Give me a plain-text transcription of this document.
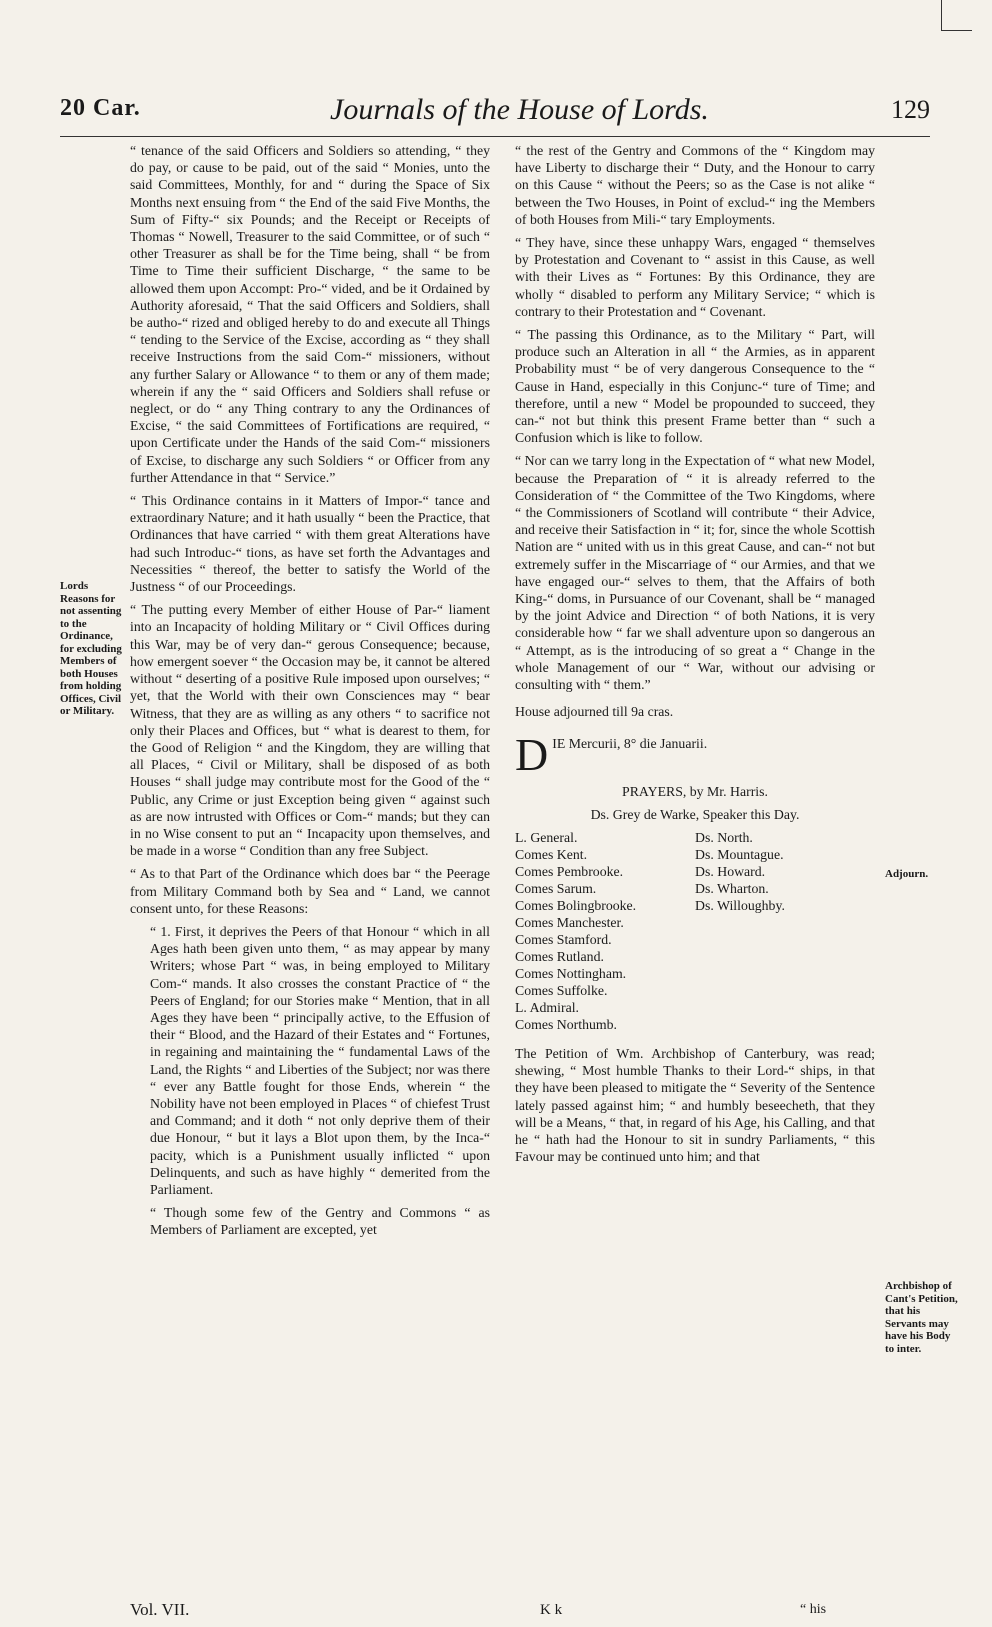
20 Car.	Journals of the House of Lords.	129
Lords Reasons for not assenting to the Ordinance, for excluding Members of both Houses from holding Offices, Civil or Military.

“ tenance of the said Officers and Soldiers so attending, “ they do pay, or cause to be paid, out of the said “ Monies, unto the said Committees, Monthly, for and “ during the Space of Six Months next ensuing from “ the End of the said Five Months, the Sum of Fifty-“ six Pounds; and the Receipt or Receipts of Thomas “ Nowell, Treasurer to the said Committee, or of such “ other Treasurer as shall be for the Time being, shall “ be from Time to Time their sufficient Discharge, “ the same to be allowed them upon Accompt: Pro-“ vided, and be it Ordained by Authority aforesaid, “ That the said Officers and Soldiers, shall be autho-“ rized and obliged hereby to do and execute all Things “ tending to the Service of the Excise, according as “ they shall receive Instructions from the said Com-“ missioners, without any further Salary or Allowance “ to them or any of them made; wherein if any the “ said Officers and Soldiers shall refuse or neglect, or do “ any Thing contrary to any the Ordinances of Excise, “ the said Committees of Fortifications are required, “ upon Certificate under the Hands of the said Com-“ missioners of Excise, to discharge any such Soldiers “ or Officer from any further Attendance in that “ Service.”

“ This Ordinance contains in it Matters of Impor-“ tance and extraordinary Nature; and it hath usually “ been the Practice, that Ordinances that have carried “ with them great Alterations have had such Introduc-“ tions, as have set forth the Advantages and Necessities “ thereof, the better to satisfy the World of the Justness “ of our Proceedings.

“ The putting every Member of either House of Par-“ liament into an Incapacity of holding Military or “ Civil Offices during this War, may be of very dan-“ gerous Consequence; because, how emergent soever “ the Occasion may be, it cannot be altered without “ deserting of a positive Rule imposed upon ourselves; “ yet, that the World with their own Consciences may “ bear Witness, that they are as willing as any others “ to sacrifice not only their Places and Offices, but “ what is dearest to them, for the Good of Religion “ and the Kingdom, they are willing that all Places, “ Civil or Military, shall be disposed of as both Houses “ shall judge may contribute most for the Good of the “ Public, any Crime or just Exception being given “ against such as are now intrusted with Offices or Com-“ mands; but they can in no Wise consent to put an “ Incapacity upon themselves, and be made in a worse “ Condition than any free Subject.

“ As to that Part of the Ordinance which does bar “ the Peerage from Military Command both by Sea and “ Land, we cannot consent unto, for these Reasons:

“ 1. First, it deprives the Peers of that Honour “ which in all Ages hath been given unto them, “ as may appear by many Writers; whose Part “ was, in being employed to Military Com-“ mands. It also crosses the constant Practice of “ the Peers of England; for our Stories make “ Mention, that in all Ages they have been “ principally active, to the Effusion of their “ Blood, and the Hazard of their Estates and “ Fortunes, in regaining and maintaining the “ fundamental Laws of the Land, the Rights “ and Liberties of the Subject; nor was there “ ever any Battle fought for those Ends, wherein “ the Nobility have not been employed in Places “ of chiefest Trust and Command; and it doth “ not only deprive them of their due Honour, “ but it lays a Blot upon them, by the Inca-“ pacity, which is a Punishment usually inflicted “ upon Delinquents, and such as have highly “ demerited from the Parliament.

“ Though some few of the Gentry and Commons “ as Members of Parliament are excepted, yet

“ the rest of the Gentry and Commons of the “ Kingdom may have Liberty to discharge their “ Duty, and the Honour to carry on this Cause “ without the Peers; so as the Case is not alike “ between the Two Houses, in Point of exclud-“ ing the Members of both Houses from Mili-“ tary Employments.

“ They have, since these unhappy Wars, engaged “ themselves by Protestation and Covenant to “ assist in this Cause, as well with their Lives as “ Fortunes: By this Ordinance, they are wholly “ disabled to perform any Military Service; “ which is contrary to their Protestation and “ Covenant.

“ The passing this Ordinance, as to the Military “ Part, will produce such an Alteration in all “ the Armies, as in apparent Probability must “ be of very dangerous Consequence to the “ Cause in Hand, especially in this Conjunc-“ ture of Time; and therefore, until a new “ Model be propounded to succeed, they can-“ not but think this present Frame better than “ such a Confusion which is like to follow.

“ Nor can we tarry long in the Expectation of “ what new Model, because the Preparation of “ it is already referred to the Consideration of “ the Committee of the Two Kingdoms, where “ the Commissioners of Scotland will contribute “ their Advice, and receive their Satisfaction in “ it; for, since the whole Scottish Nation are “ united with us in this great Cause, and can-“ not but extremely suffer in the Miscarriage of “ our Armies, and that we have engaged our-“ selves to them, that the Affairs of both King-“ doms, in Pursuance of our Covenant, shall be “ managed by the joint Advice and Direction “ of both Nations, it is very considerable how “ far we shall adventure upon so dangerous an “ Attempt, as is the introducing of so great a “ Change in the whole Management of our “ War, without our advising or consulting with “ them.”

House adjourned till 9a cras.

D IE Mercurii, 8° die Januarii.

PRAYERS, by Mr. Harris.

Ds. Grey de Warke, Speaker this Day.

L. General.
Comes Kent.
Comes Pembrooke.
Comes Sarum.
Comes Bolingbrooke.
Comes Manchester.
Comes Stamford.
Comes Rutland.
Comes Nottingham.
Comes Suffolke.
L. Admiral.
Comes Northumb.
Ds. North.
Ds. Mountague.
Ds. Howard.
Ds. Wharton.
Ds. Willoughby.

The Petition of Wm. Archbishop of Canterbury, was read; shewing, “ Most humble Thanks to their Lord-“ ships, in that they have been pleased to mitigate the “ Severity of the Sentence lately passed against him; “ and humbly beseecheth, that they will be a Means, “ that, in regard of his Age, his Calling, and that he “ hath had the Honour to sit in sundry Parliaments, “ this Favour may be continued unto him; and that

Adjourn.
Archbishop of Cant's Petition, that his Servants may have his Body to inter.
Vol. VII.	K k	“ his
